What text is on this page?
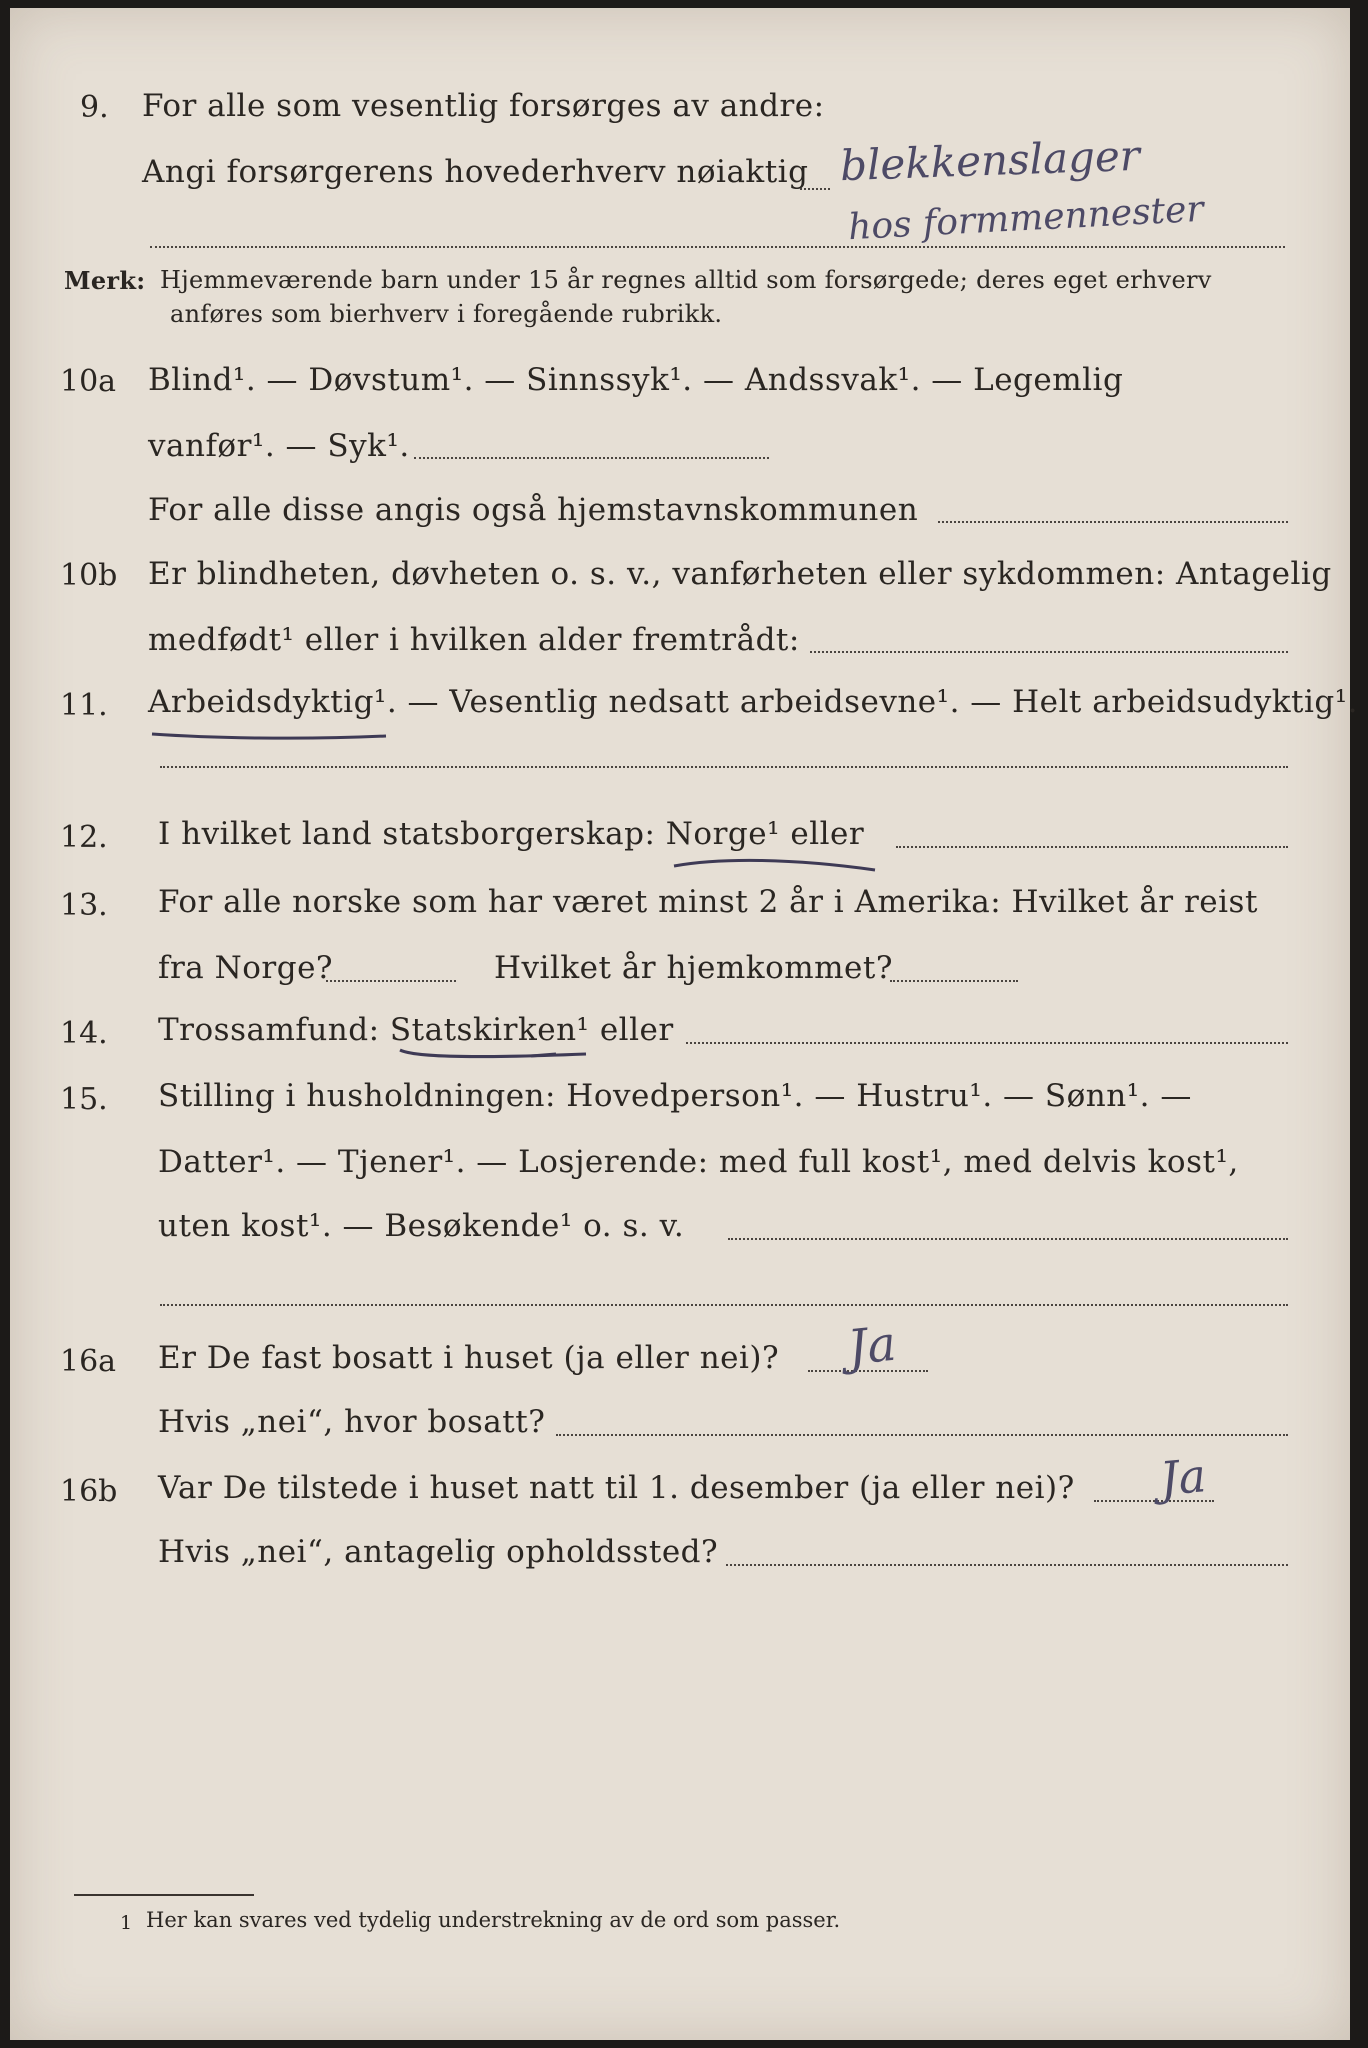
9. For alle som vesentlig forsørges av andre:
Angi forsørgerens hovederhverv nøiaktig blekkenslager
hos formmennester
Merk: Hjemmeværende barn under 15 år regnes alltid som forsørgede; deres eget erhverv
anføres som bierhverv i foregående rubrikk.
10a Blind¹. — Døvstum¹. — Sinnssyk¹. — Andssvak¹. — Legemlig
vanfør¹. — Syk¹.
For alle disse angis også hjemstavnskommunen
10b Er blindheten, døvheten o. s. v., vanførheten eller sykdommen: Antagelig
medfødt¹ eller i hvilken alder fremtrådt:
11. Arbeidsdyktig¹. — Vesentlig nedsatt arbeidsevne¹. — Helt arbeidsudyktig¹.
12. I hvilket land statsborgerskap: Norge¹ eller
13. For alle norske som har været minst 2 år i Amerika: Hvilket år reist
fra Norge?	Hvilket år hjemkommet?
14. Trossamfund: Statskirken¹ eller
15. Stilling i husholdningen: Hovedperson¹. — Hustru¹. — Sønn¹. —
Datter¹. — Tjener¹. — Losjerende: med full kost¹, med delvis kost¹,
uten kost¹. — Besøkende¹ o. s. v.
16a Er De fast bosatt i huset (ja eller nei)? Ja
Hvis „nei“, hvor bosatt?
16b Var De tilstede i huset natt til 1. desember (ja eller nei)? Ja
Hvis „nei“, antagelig opholdssted?
1 Her kan svares ved tydelig understrekning av de ord som passer.
